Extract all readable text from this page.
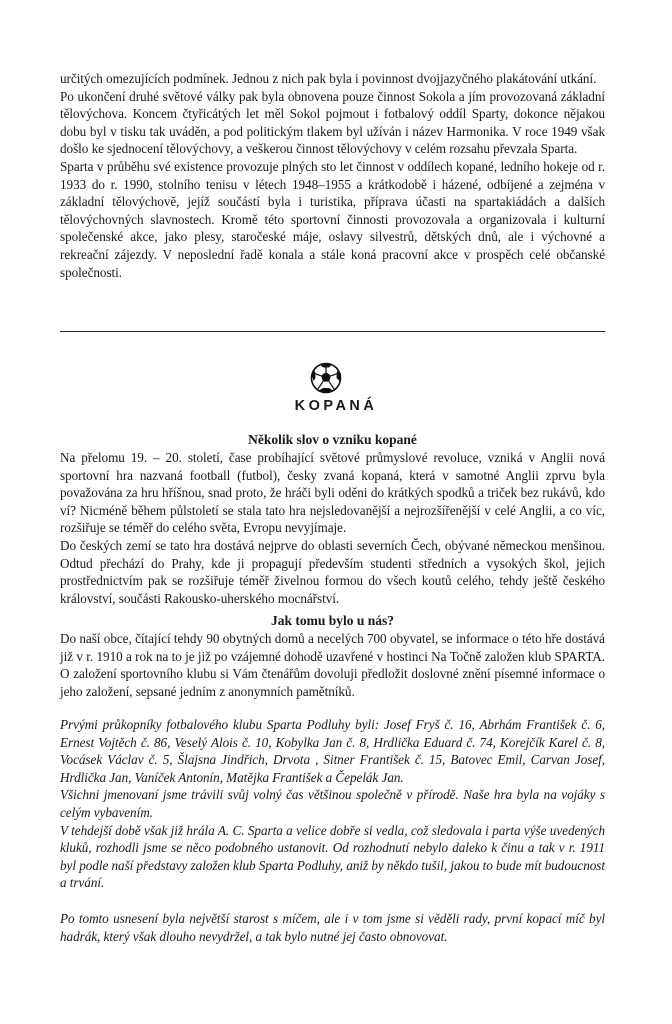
určitých omezujících podmínek. Jednou z nich pak byla i povinnost dvojjazyčného plakátování utkání.

Po ukončení druhé světové války pak byla obnovena pouze činnost Sokola a jím provozovaná základní tělovýchova. Koncem čtyřicátých let měl Sokol pojmout i fotbalový oddíl Sparty, dokonce nějakou dobu byl v tisku tak uváděn, a pod politickým tlakem byl užíván i název Harmonika. V roce 1949 však došlo ke sjednocení tělovýchovy, a veškerou činnost tělovýchovy v celém rozsahu převzala Sparta.

Sparta v průběhu své existence provozuje plných sto let činnost v oddílech kopané, ledního hokeje od r. 1933 do r. 1990, stolního tenisu v létech 1948–1955 a krátkodobě i házené, odbíjené a zejména v základní tělovýchově, jejíž součástí byla i turistika, příprava účasti na spartakiádách a dalších tělovýchovných slavnostech. Kromě této sportovní činnosti provozovala a organizovala i kulturní společenské akce, jako plesy, staročeské máje, oslavy silvestrů, dětských dnů, ale i výchovné a rekreační zájezdy. V neposlední řadě konala a stále koná pracovní akce v prospěch celé občanské společnosti.

KOPANÁ
Několik slov o vzniku kopané

Na přelomu 19. – 20. století, čase probíhající světové průmyslové revoluce, vzniká v Anglii nová sportovní hra nazvaná football (futbol), česky zvaná kopaná, která v samotné Anglii zprvu byla považována za hru hříšnou, snad proto, že hráči byli oděni do krátkých spodků a triček bez rukávů, kdo ví? Nicméně během půlstoletí se stala tato hra nejsledovanější a nejrozšířenější v celé Anglii, a co víc, rozšiřuje se téměř do celého světa, Evropu nevyjímaje.

Do českých zemí se tato hra dostává nejprve do oblasti severních Čech, obývané německou menšinou. Odtud přechází do Prahy, kde ji propagují především studenti středních a vysokých škol, jejich prostřednictvím pak se rozšiřuje téměř živelnou formou do všech koutů celého, tehdy ještě českého království, součásti Rakousko-uherského mocnářství.

Jak tomu bylo u nás?

Do naší obce, čítající tehdy 90 obytných domů a necelých 700 obyvatel, se informace o této hře dostává již v r. 1910 a rok na to je již po vzájemné dohodě uzavřené v hostinci Na Točně založen klub SPARTA. O založení sportovního klubu si Vám čtenářům dovoluji předložit doslovné znění písemné informace o jeho založení, sepsané jedním z anonymních pamětníků.

Prvými průkopníky fotbalového klubu Sparta Podluhy byli: Josef Fryš č. 16, Abrhám František č. 6, Ernest Vojtěch č. 86, Veselý Alois č. 10, Kobylka Jan č. 8, Hrdlička Eduard č. 74, Korejčík Karel č. 8, Vocásek Václav č. 5, Šlajsna Jindřich, Drvota , Sitner František č. 15, Batovec Emil, Carvan Josef, Hrdlička Jan, Vaníček Antonín, Matějka František a Čepelák Jan.

Všichni jmenovaní jsme trávili svůj volný čas většinou společně v přírodě. Naše hra byla na vojáky s celým vybavením.

V tehdejší době však již hrála A. C. Sparta a velice dobře si vedla, což sledovala i parta výše uvedených kluků, rozhodli jsme se něco podobného ustanovit. Od rozhodnutí nebylo daleko k činu a tak v r. 1911 byl podle naší představy založen klub Sparta Podluhy, aniž by někdo tušil, jakou to bude mít budoucnost a trvání.

Po tomto usnesení byla největší starost s míčem, ale i v tom jsme si věděli rady, první kopací míč byl hadrák, který však dlouho nevydržel, a tak bylo nutné jej často obnovovat.
